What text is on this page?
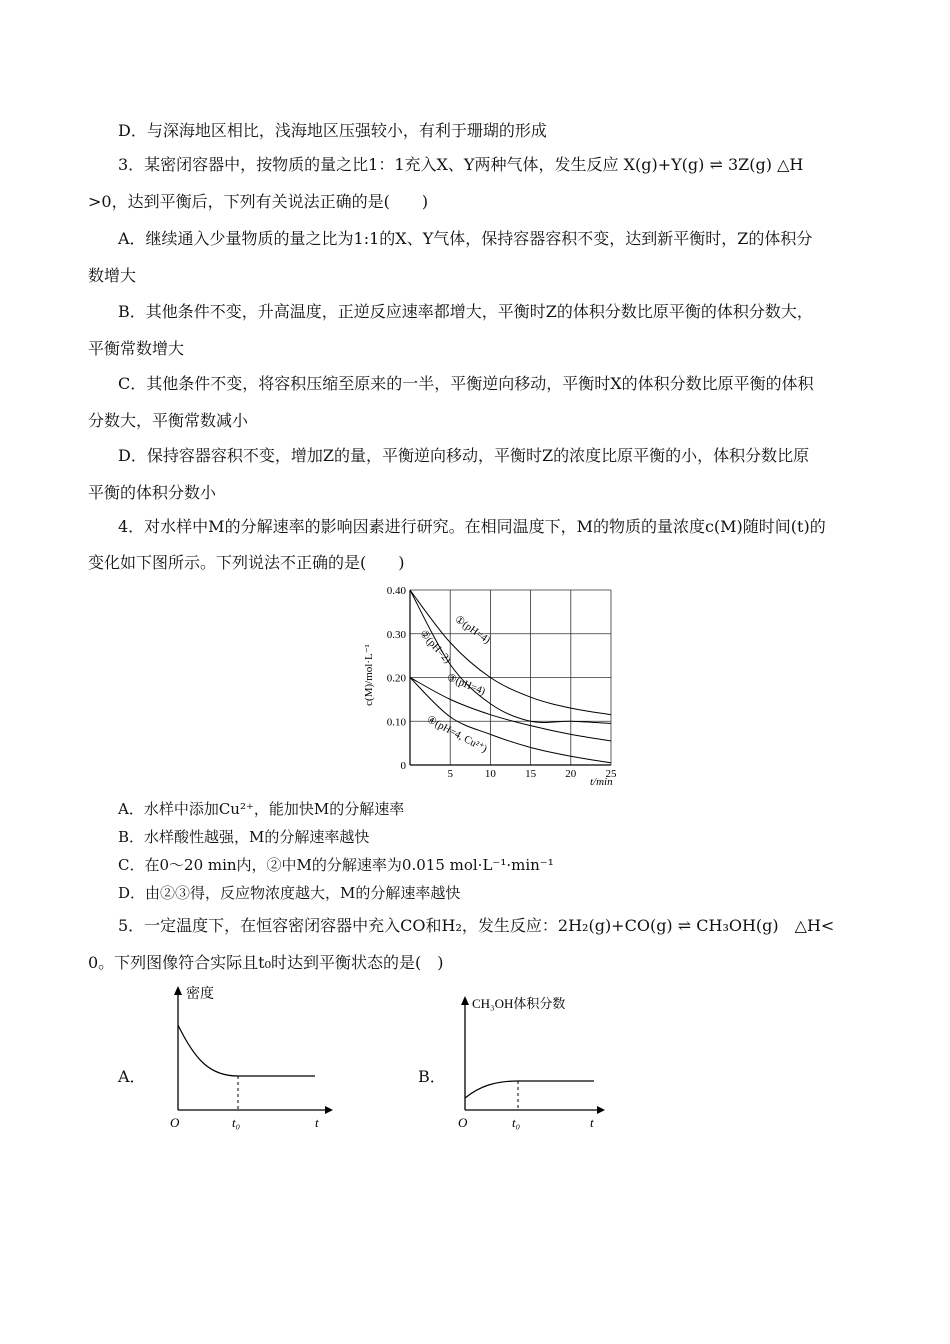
D．与深海地区相比，浅海地区压强较小，有利于珊瑚的形成
3．某密闭容器中，按物质的量之比1：1充入X、Y两种气体，发生反应 X(g)+Y(g) ⇌ 3Z(g) △H
>0，达到平衡后，下列有关说法正确的是(　　)
A．继续通入少量物质的量之比为1:1的X、Y气体，保持容器容积不变，达到新平衡时，Z的体积分
数增大
B．其他条件不变，升高温度，正逆反应速率都增大，平衡时Z的体积分数比原平衡的体积分数大，
平衡常数增大
C．其他条件不变，将容积压缩至原来的一半，平衡逆向移动，平衡时X的体积分数比原平衡的体积
分数大，平衡常数减小
D．保持容器容积不变，增加Z的量，平衡逆向移动，平衡时Z的浓度比原平衡的小，体积分数比原
平衡的体积分数小
4．对水样中M的分解速率的影响因素进行研究。在相同温度下，M的物质的量浓度c(M)随时间(t)的
变化如下图所示。下列说法不正确的是(　　)
5	10	15	20	25
0.40
0.30
0.20
0.10
0
①(pH=4)
②(pH=2)
③(pH=4)
④(pH=4, Cu²⁺)
c(M)/mol·L⁻¹
t/min
A．水样中添加Cu²⁺，能加快M的分解速率
B．水样酸性越强，M的分解速率越快
C．在0～20 min内，②中M的分解速率为0.015 mol·L⁻¹·min⁻¹
D．由②③得，反应物浓度越大，M的分解速率越快
5．一定温度下，在恒容密闭容器中充入CO和H₂，发生反应：2H₂(g)+CO(g) ⇌ CH₃OH(g)　△H<
0。下列图像符合实际且t₀时达到平衡状态的是(　)
A．
密度
O	t₀	t
B．
CH₃OH体积分数
O	t₀	t
